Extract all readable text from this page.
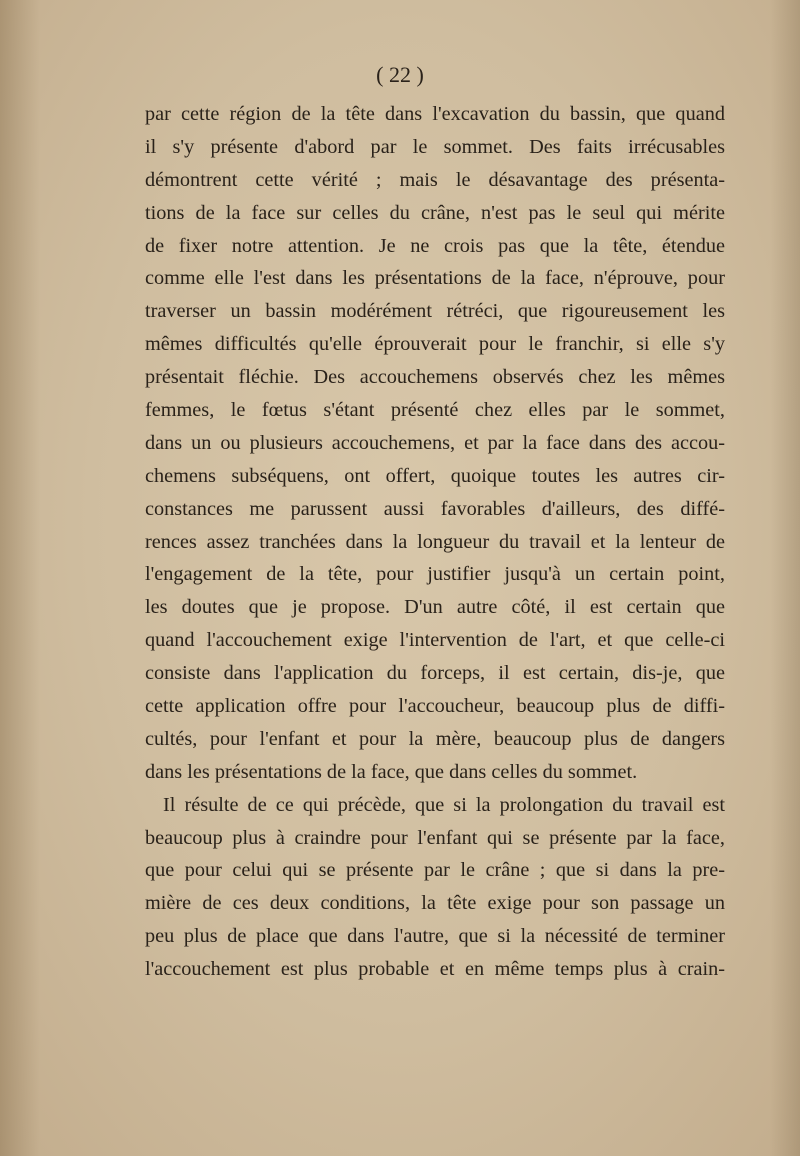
( 22 )
par cette région de la tête dans l'excavation du bassin, que quand
il s'y présente d'abord par le sommet. Des faits irrécusables
démontrent cette vérité ; mais le désavantage des présenta-
tions de la face sur celles du crâne, n'est pas le seul qui mérite
de fixer notre attention. Je ne crois pas que la tête, étendue
comme elle l'est dans les présentations de la face, n'éprouve, pour
traverser un bassin modérément rétréci, que rigoureusement les
mêmes difficultés qu'elle éprouverait pour le franchir, si elle s'y
présentait fléchie. Des accouchemens observés chez les mêmes
femmes, le fœtus s'étant présenté chez elles par le sommet,
dans un ou plusieurs accouchemens, et par la face dans des accou-
chemens subséquens, ont offert, quoique toutes les autres cir-
constances me parussent aussi favorables d'ailleurs, des diffé-
rences assez tranchées dans la longueur du travail et la lenteur de
l'engagement de la tête, pour justifier jusqu'à un certain point,
les doutes que je propose. D'un autre côté, il est certain que
quand l'accouchement exige l'intervention de l'art, et que celle-ci
consiste dans l'application du forceps, il est certain, dis-je, que
cette application offre pour l'accoucheur, beaucoup plus de diffi-
cultés, pour l'enfant et pour la mère, beaucoup plus de dangers
dans les présentations de la face, que dans celles du sommet.
Il résulte de ce qui précède, que si la prolongation du travail est
beaucoup plus à craindre pour l'enfant qui se présente par la face,
que pour celui qui se présente par le crâne ; que si dans la pre-
mière de ces deux conditions, la tête exige pour son passage un
peu plus de place que dans l'autre, que si la nécessité de terminer
l'accouchement est plus probable et en même temps plus à crain-
